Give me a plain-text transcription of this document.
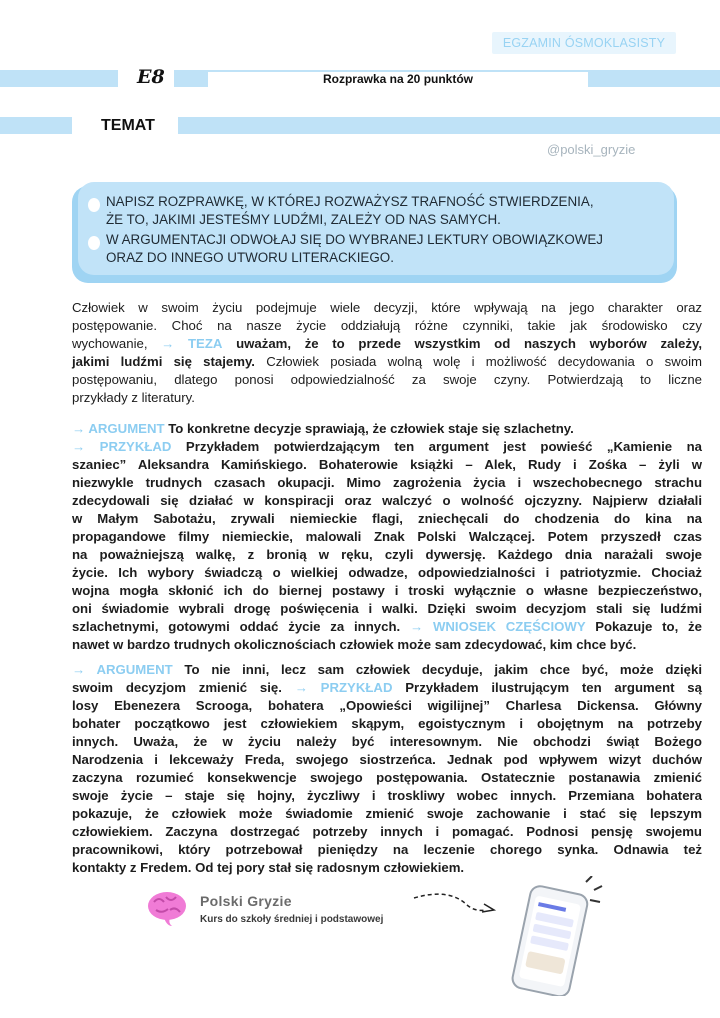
EGZAMIN ÓSMOKLASISTY
E8	Rozprawka na 20 punktów
TEMAT
@polski_gryzie
NAPISZ ROZPRAWKĘ, W KTÓREJ ROZWAŻYSZ TRAFNOŚĆ STWIERDZENIA,
ŻE TO, JAKIMI JESTEŚMY LUDŹMI, ZALEŻY OD NAS SAMYCH.
W ARGUMENTACJI ODWOŁAJ SIĘ DO WYBRANEJ LEKTURY OBOWIĄZKOWEJ
ORAZ DO INNEGO UTWORU LITERACKIEGO.
Człowiek w swoim życiu podejmuje wiele decyzji, które wpływają na jego charakter oraz
postępowanie. Choć na nasze życie oddziałują różne czynniki, takie jak środowisko czy
wychowanie, → TEZA uważam, że to przede wszystkim od naszych wyborów zależy,
jakimi ludźmi się stajemy. Człowiek posiada wolną wolę i możliwość decydowania o swoim
postępowaniu, dlatego ponosi odpowiedzialność za swoje czyny. Potwierdzają to liczne
przykłady z literatury.
→ ARGUMENT To konkretne decyzje sprawiają, że człowiek staje się szlachetny.
→ PRZYKŁAD Przykładem potwierdzającym ten argument jest powieść „Kamienie na
szaniec” Aleksandra Kamińskiego. Bohaterowie książki – Alek, Rudy i Zośka – żyli w
niezwykle trudnych czasach okupacji. Mimo zagrożenia życia i wszechobecnego strachu
zdecydowali się działać w konspiracji oraz walczyć o wolność ojczyzny. Najpierw działali
w Małym Sabotażu, zrywali niemieckie flagi, zniechęcali do chodzenia do kina na
propagandowe filmy niemieckie, malowali Znak Polski Walczącej. Potem przyszedł czas
na poważniejszą walkę, z bronią w ręku, czyli dywersję. Każdego dnia narażali swoje
życie. Ich wybory świadczą o wielkiej odwadze, odpowiedzialności i patriotyzmie. Chociaż
wojna mogła skłonić ich do biernej postawy i troski wyłącznie o własne bezpieczeństwo,
oni świadomie wybrali drogę poświęcenia i walki. Dzięki swoim decyzjom stali się ludźmi
szlachetnymi, gotowymi oddać życie za innych. → WNIOSEK CZĘŚCIOWY Pokazuje to, że
nawet w bardzo trudnych okolicznościach człowiek może sam zdecydować, kim chce być.
→ ARGUMENT To nie inni, lecz sam człowiek decyduje, jakim chce być, może dzięki
swoim decyzjom zmienić się. → PRZYKŁAD Przykładem ilustrującym ten argument są
losy Ebenezera Scrooga, bohatera „Opowieści wigilijnej” Charlesa Dickensa. Główny
bohater początkowo jest człowiekiem skąpym, egoistycznym i obojętnym na potrzeby
innych. Uważa, że w życiu należy być interesownym. Nie obchodzi świąt Bożego
Narodzenia i lekceważy Freda, swojego siostrzeńca. Jednak pod wpływem wizyt duchów
zaczyna rozumieć konsekwencje swojego postępowania. Ostatecznie postanawia zmienić
swoje życie – staje się hojny, życzliwy i troskliwy wobec innych. Przemiana bohatera
pokazuje, że człowiek może świadomie zmienić swoje zachowanie i stać się lepszym
człowiekiem. Zaczyna dostrzegać potrzeby innych i pomagać. Podnosi pensję swojemu
pracownikowi, który potrzebował pieniędzy na leczenie chorego synka. Odnawia też
kontakty z Fredem. Od tej pory stał się radosnym człowiekiem.
Polski Gryzie
Kurs do szkoły średniej i podstawowej
